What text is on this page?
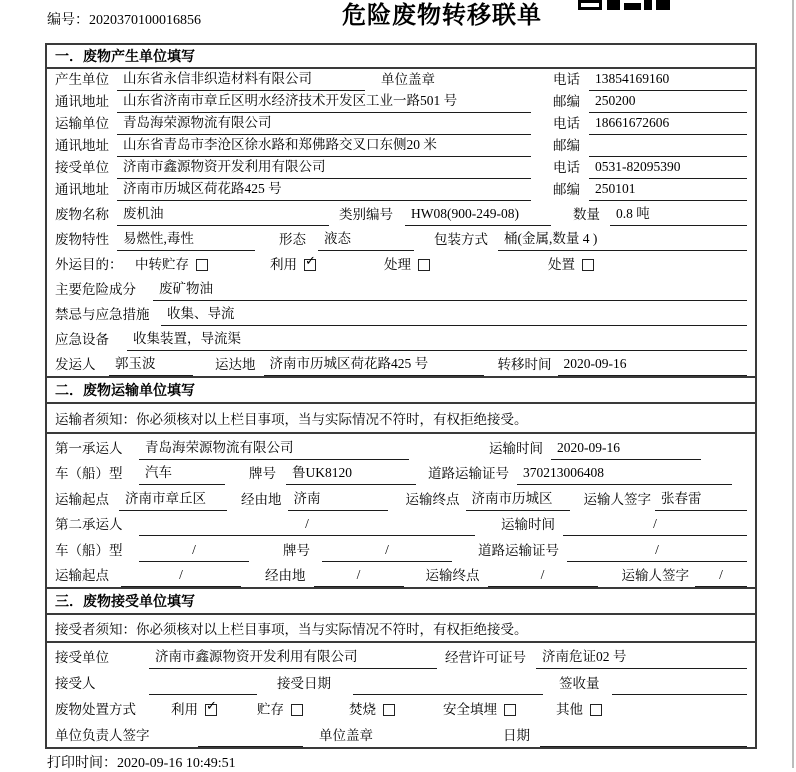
编号：2020370100016856	危险废物转移联单
一．废物产生单位填写
产生单位	山东省永信非织造材料有限公司	单位盖章	电话	13854169160
通讯地址	山东省济南市章丘区明水经济技术开发区工业一路501 号	邮编	250200
运输单位	青岛海荣源物流有限公司	电话	18661672606
通讯地址	山东省青岛市李沧区徐水路和郑佛路交叉口东侧20 米	邮编
接受单位	济南市鑫源物资开发利用有限公司	电话	0531-82095390
通讯地址	济南市历城区荷花路425 号	邮编	250101
废物名称	废机油	类别编号	HW08(900-249-08)	数量	0.8 吨
废物特性	易燃性,毒性	形态	液态	包装方式	桶(金属,数量 4 )
外运目的： 中转贮存	利用 ✓	处理	处置
主要危险成分	废矿物油
禁忌与应急措施	收集、导流
应急设备	收集装置，导流渠
发运人	郭玉波	运达地	济南市历城区荷花路425 号	转移时间 2020-09-16
二．废物运输单位填写
运输者须知：你必须核对以上栏目事项，当与实际情况不符时，有权拒绝接受。
第一承运人	青岛海荣源物流有限公司	运输时间	2020-09-16
车（船）型	汽车	牌号	鲁UK8120	道路运输证号	370213006408
运输起点	济南市章丘区	经由地 济南	运输终点 济南市历城区	运输人签字 张春雷
第二承运人	/	运输时间	/
车（船）型	/	牌号	/	道路运输证号	/
运输起点	/	经由地	/	运输终点	/	运输人签字	/
三．废物接受单位填写
接受者须知：你必须核对以上栏目事项，当与实际情况不符时，有权拒绝接受。
接受单位	济南市鑫源物资开发利用有限公司	经营许可证号	济南危证02 号
接受人	接受日期	签收量
废物处置方式	利用 ✓	贮存	焚烧	安全填埋	其他
单位负责人签字	单位盖章	日期
打印时间：2020-09-16 10:49:51
